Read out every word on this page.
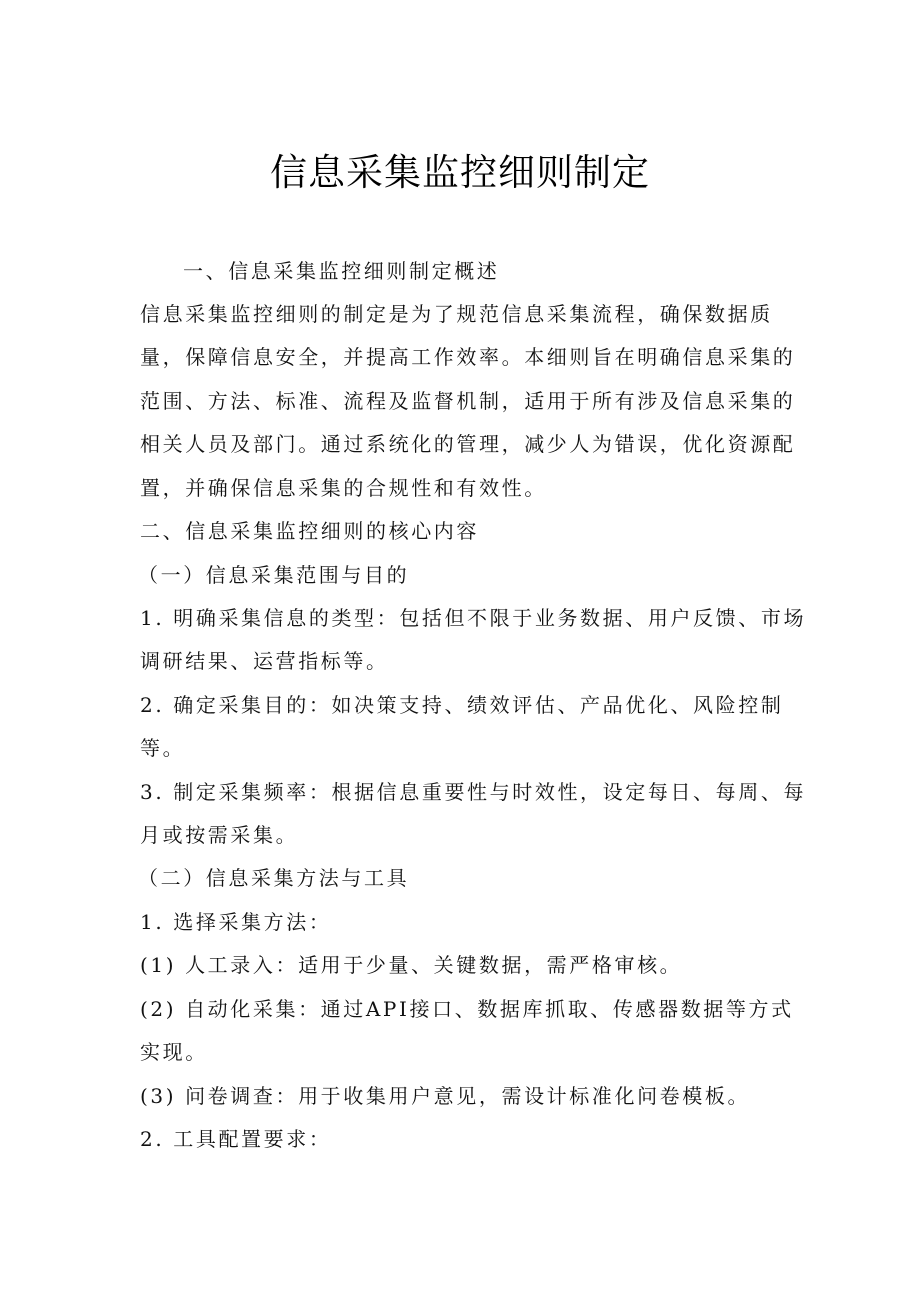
信息采集监控细则制定
一、信息采集监控细则制定概述
信息采集监控细则的制定是为了规范信息采集流程，确保数据质
量，保障信息安全，并提高工作效率。本细则旨在明确信息采集的
范围、方法、标准、流程及监督机制，适用于所有涉及信息采集的
相关人员及部门。通过系统化的管理，减少人为错误，优化资源配
置，并确保信息采集的合规性和有效性。
二、信息采集监控细则的核心内容
（一）信息采集范围与目的
1. 明确采集信息的类型：包括但不限于业务数据、用户反馈、市场
调研结果、运营指标等。
2. 确定采集目的：如决策支持、绩效评估、产品优化、风险控制
等。
3. 制定采集频率：根据信息重要性与时效性，设定每日、每周、每
月或按需采集。
（二）信息采集方法与工具
1. 选择采集方法：
(1) 人工录入：适用于少量、关键数据，需严格审核。
(2) 自动化采集：通过API接口、数据库抓取、传感器数据等方式
实现。
(3) 问卷调查：用于收集用户意见，需设计标准化问卷模板。
2. 工具配置要求：
